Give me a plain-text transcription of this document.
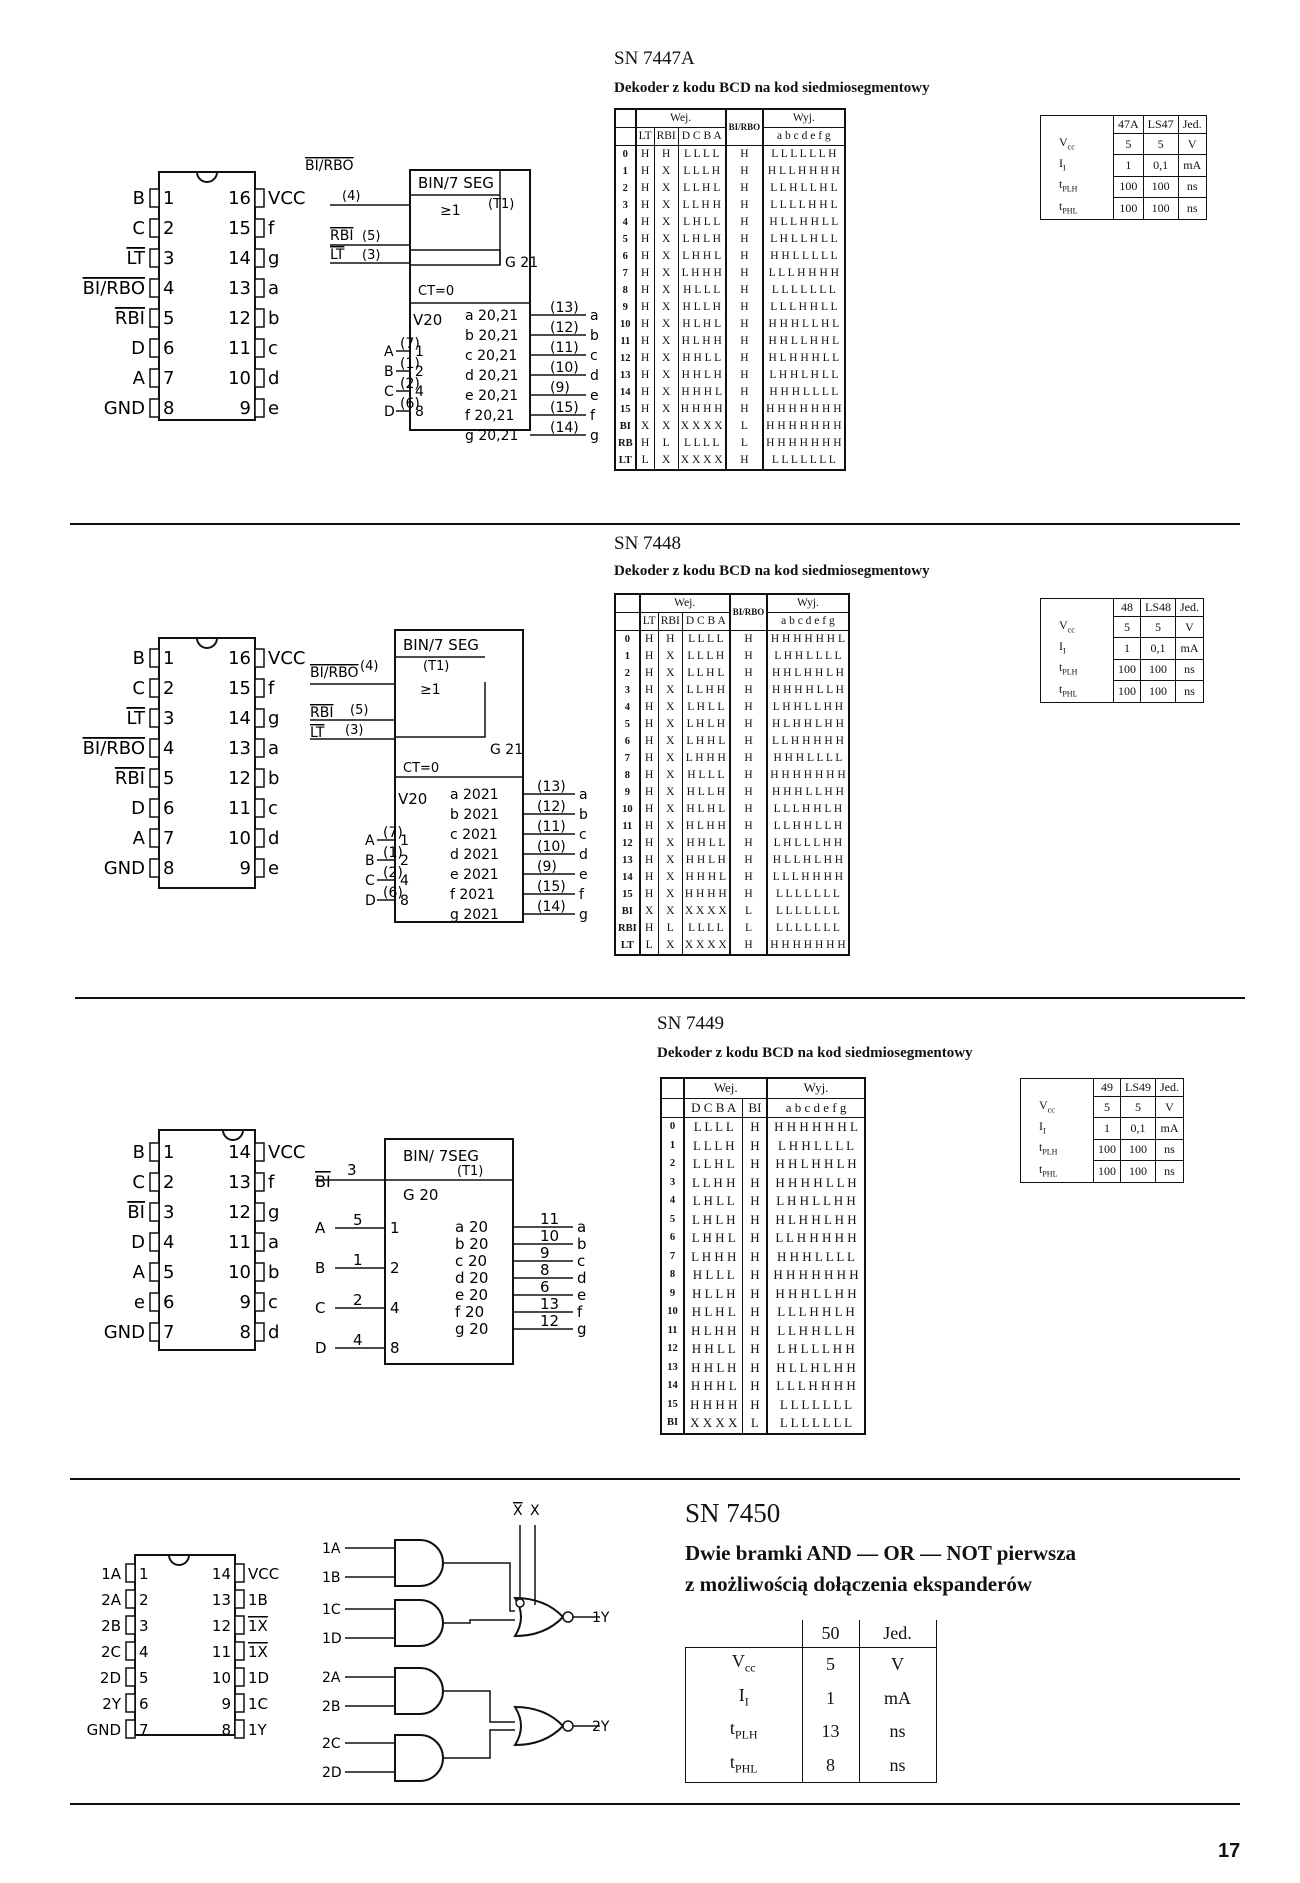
SN 7447A
Dekoder z kodu BCD na kod siedmiosegmentowy
B 1
C 2
LT 3
BI/RBO 4
RBI 5
D 6
A 7
GND 8
16 VCC
15 f
14 g
13 a
12 b
11 c
10 d
9 e
BIN/7 SEG
(T1)
≥1
BI/RBO
(4)
RBI (5)
LT (3)	G 21
CT=0
V20
A (7)
1
B (1)
2
C (2)
4
D (6)
8
a 20,21 (13) a
b 20,21 (12) b
c 20,21 (11) c
d 20,21 (10) d
e 20,21 (9) e
f 20,21	(15) f
g 20,21 (14) g
	Wej.			BI/RBO	Wyj.
	LT	RBI	D C B A		a b c d e f g
0	H	H	L L L L	H	L L L L L L H
1	H	X	L L L H	H	H L L H H H H
2	H	X	L L H L	H	L L H L L H L
3	H	X	L L H H	H	L L L L H H L
4	H	X	L H L L	H	H L L H H L L
5	H	X	L H L H	H	L H L L H L L
6	H	X	L H H L	H	H H L L L L L
7	H	X	L H H H	H	L L L H H H H
8	H	X	H L L L	H	L L L L L L L
9	H	X	H L L H	H	L L L H H L L
10	H	X	H L H L	H	H H H L L H L
11	H	X	H L H H	H	H H L L H H L
12	H	X	H H L L	H	H L H H H L L
13	H	X	H H L H	H	L H H L H L L
14	H	X	H H H L	H	H H H L L L L
15	H	X	H H H H	H	H H H H H H H
BI	X	X	X X X X	L	H H H H H H H
RB	H	L	L L L L	L	H H H H H H H
LT	L	X	X X X X	H	L L L L L L L
	47A	LS47	Jed.
$V_{cc}$	5	5	V
$I_I$	1	0,1	mA
$t_{PLH}$	100	100	ns
$t_{PHL}$	100	100	ns
SN 7448
Dekoder z kodu BCD na kod siedmiosegmentowy
B 1
C 2
LT 3
BI/RBO 4
RBI 5
D 6
A 7
GND 8
16 VCC
15 f
14 g
13 a
12 b
11 c
10 d
9 e
BIN/7 SEG
(T1)
≥1
BI/RBO (4)
RBI (5)
LT (3)
G 21
CT=0
V20
A (7)
1
B (1)
2
C (2)
4
D (6)
8
a 2021	(13) a
b 2021	(12) b
c 2021	(11) c
d 2021	(10) d
e 2021	(9) e
f 2021	(15) f
g 2021	(14) g
	Wej.			BI/RBO	Wyj.
	LT	RBI	D C B A		a b c d e f g
0	H	H	L L L L	H	H H H H H H L
1	H	X	L L L H	H	L H H L L L L
2	H	X	L L H L	H	H H L H H L H
3	H	X	L L H H	H	H H H H L L H
4	H	X	L H L L	H	L H H L L H H
5	H	X	L H L H	H	H L H H L H H
6	H	X	L H H L	H	L L H H H H H
7	H	X	L H H H	H	H H H L L L L
8	H	X	H L L L	H	H H H H H H H
9	H	X	H L L H	H	H H H L L H H
10	H	X	H L H L	H	L L L H H L H
11	H	X	H L H H	H	L L H H L L H
12	H	X	H H L L	H	L H L L L H H
13	H	X	H H L H	H	H L L H L H H
14	H	X	H H H L	H	L L L H H H H
15	H	X	H H H H	H	L L L L L L L
BI	X	X	X X X X	L	L L L L L L L
RBI	H	L	L L L L	L	L L L L L L L
LT	L	X	X X X X	H	H H H H H H H
	48	LS48	Jed.
$V_{cc}$	5	5	V
$I_I$	1	0,1	mA
$t_{PLH}$	100	100	ns
$t_{PHL}$	100	100	ns
SN 7449
Dekoder z kodu BCD na kod siedmiosegmentowy
B 1
C 2
BI 3
D 4
A 5
e 6
GND 7
14 VCC
13 f
12 g
11 a
10 b
9 c
8 d
BIN/ 7SEG
(T1)
BI
3
G 20
A 5 1
B 1 2
C 2 4
D 4 8
a 20	11 a
b 20	10 b
c 20	9 c
d 20	8 d
e 20	6 e
f 20	13 f
g 20	12 g
	Wej.		Wyj.
	D C B A	BI	a b c d e f g
0	L L L L	H	H H H H H H L
1	L L L H	H	L H H L L L L
2	L L H L	H	H H L H H L H
3	L L H H	H	H H H H L L H
4	L H L L	H	L H H L L H H
5	L H L H	H	H L H H L H H
6	L H H L	H	L L H H H H H
7	L H H H	H	H H H L L L L
8	H L L L	H	H H H H H H H
9	H L L H	H	H H H L L H H
10	H L H L	H	L L L H H L H
11	H L H H	H	L L H H L L H
12	H H L L	H	L H L L L H H
13	H H L H	H	H L L H L H H
14	H H H L	H	L L L H H H H
15	H H H H	H	L L L L L L L
BI	X X X X	L	L L L L L L L
	49	LS49	Jed.
$V_{cc}$	5	5	V
$I_I$	1	0,1	mA
$t_{PLH}$	100	100	ns
$t_{PHL}$	100	100	ns
SN 7450
Dwie bramki AND — OR — NOT pierwsza
z możliwością dołączenia ekspanderów
1A 1
2A 2
2B 3
2C 4
2D 5
2Y 6
GND 7
14 VCC
13 1B
12 1X
11 1X
10 1D
9 1C
8 1Y
1A
1B
1C
1D
2A
2B
2C
2D
1Y
2Y
X X
	50	Jed.
$V_{cc}$	5	V
$I_I$	1	mA
$t_{PLH}$	13	ns
$t_{PHL}$	8	ns
17
